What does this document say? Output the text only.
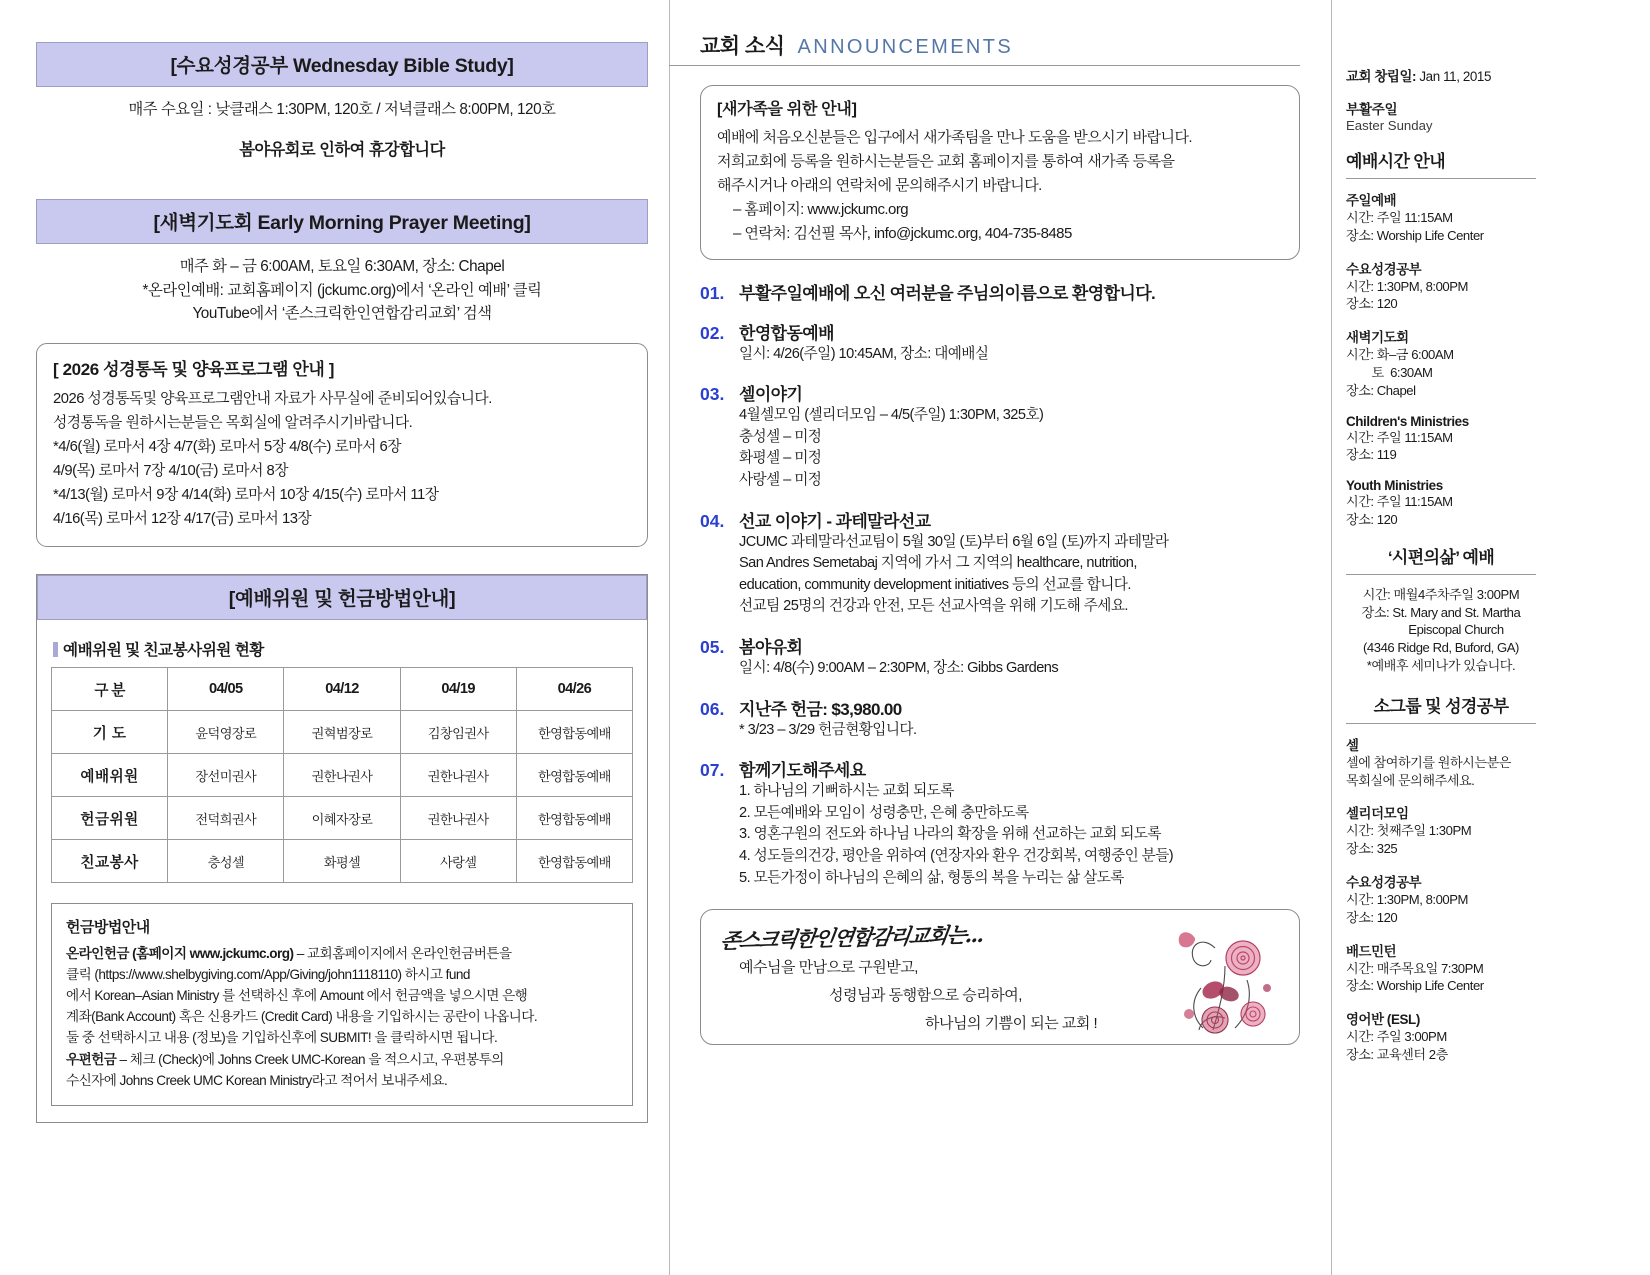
[수요성경공부 Wednesday Bible Study]
매주 수요일 : 낮클래스 1:30PM, 120호 / 저녁클래스 8:00PM, 120호
봄야유회로 인하여 휴강합니다
[새벽기도회 Early Morning Prayer Meeting]
매주 화 – 금 6:00AM, 토요일 6:30AM, 장소: Chapel
*온라인예배: 교회홈페이지 (jckumc.org)에서 ‘온라인 예배’ 클릭
YouTube에서 ‘존스크릭한인연합감리교회’ 검색
[ 2026 성경통독 및 양육프로그램 안내 ]
2026 성경통독및 양육프로그램안내 자료가 사무실에 준비되어있습니다.
성경통독을 원하시는분들은 목회실에 알려주시기바랍니다.
*4/6(월) 로마서 4장 4/7(화) 로마서 5장 4/8(수) 로마서 6장
4/9(목) 로마서 7장 4/10(금) 로마서 8장
*4/13(월) 로마서 9장 4/14(화) 로마서 10장 4/15(수) 로마서 11장
4/16(목) 로마서 12장 4/17(금) 로마서 13장
[예배위원 및 헌금방법안내]
예배위원 및 친교봉사위원 현황
구 분	04/05	04/12	04/19	04/26
기 도	윤덕영장로	권혁범장로	김창임권사	한영합동예배
예배위원	장선미권사	권한나권사	권한나권사	한영합동예배
헌금위원	전덕희권사	이혜자장로	권한나권사	한영합동예배
친교봉사	충성셀	화평셀	사랑셀	한영합동예배
헌금방법안내
온라인헌금 (홈페이지 www.jckumc.org) – 교회홈페이지에서 온라인헌금버튼을
클릭 (https://www.shelbygiving.com/App/Giving/john1118110) 하시고 fund
에서 Korean–Asian Ministry 를 선택하신 후에 Amount 에서 헌금액을 넣으시면 은행
계좌(Bank Account) 혹은 신용카드 (Credit Card) 내용을 기입하시는 공란이 나옵니다.
둘 중 선택하시고 내용 (정보)을 기입하신후에 SUBMIT! 을 클릭하시면 됩니다.
우편헌금 – 체크 (Check)에 Johns Creek UMC-Korean 을 적으시고, 우편봉투의
수신자에 Johns Creek UMC Korean Ministry라고 적어서 보내주세요.
교회 소식 ANNOUNCEMENTS
[새가족을 위한 안내]
예배에 처음오신분들은 입구에서 새가족팀을 만나 도움을 받으시기 바랍니다.
저희교회에 등록을 원하시는분들은 교회 홈페이지를 통하여 새가족 등록을
해주시거나 아래의 연락처에 문의해주시기 바랍니다.
– 홈페이지: www.jckumc.org
– 연락처: 김선필 목사, info@jckumc.org, 404-735-8485
01. 부활주일예배에 오신 여러분을 주님의이름으로 환영합니다.
02. 한영합동예배
일시: 4/26(주일) 10:45AM, 장소: 대예배실
03. 셀이야기
4월셀모임 (셀리더모임 – 4/5(주일) 1:30PM, 325호)
충성셀 – 미정
화평셀 – 미정
사랑셀 – 미정
04. 선교 이야기 - 과테말라선교
JCUMC 과테말라선교팀이 5월 30일 (토)부터 6월 6일 (토)까지 과테말라
San Andres Semetabaj 지역에 가서 그 지역의 healthcare, nutrition,
education, community development initiatives 등의 선교를 합니다.
선교팀 25명의 건강과 안전, 모든 선교사역을 위해 기도해 주세요.
05. 봄야유회
일시: 4/8(수) 9:00AM – 2:30PM, 장소: Gibbs Gardens
06. 지난주 헌금: $3,980.00
* 3/23 – 3/29 헌금현황입니다.
07. 함께기도해주세요
1. 하나님의 기뻐하시는 교회 되도록
2. 모든예배와 모임이 성령충만, 은혜 충만하도록
3. 영혼구원의 전도와 하나님 나라의 확장을 위해 선교하는 교회 되도록
4. 성도들의건강, 평안을 위하여 (연장자와 환우 건강회복, 여행중인 분들)
5. 모든가정이 하나님의 은혜의 삶, 형통의 복을 누리는 삶 살도록
존스크릭한인연합감리교회는...
예수님을 만남으로 구원받고,
성령님과 동행함으로 승리하여,
하나님의 기쁨이 되는 교회 !
교회 창립일: Jan 11, 2015
부활주일
Easter Sunday
예배시간 안내
주일예배
시간: 주일 11:15AM
장소: Worship Life Center
수요성경공부
시간: 1:30PM, 8:00PM
장소: 120
새벽기도회
시간: 화–금 6:00AM
토  6:30AM
장소: Chapel
Children's Ministries
시간: 주일 11:15AM
장소: 119
Youth Ministries
시간: 주일 11:15AM
장소: 120
‘시편의삶’ 예배
시간: 매월4주차주일 3:00PM
장소: St. Mary and St. Martha
Episcopal Church
(4346 Ridge Rd, Buford, GA)
*예배후 세미나가 있습니다.
소그룹 및 성경공부
셀
셀에 참여하기를 원하시는분은
목회실에 문의해주세요.
셀리더모임
시간: 첫째주일 1:30PM
장소: 325
수요성경공부
시간: 1:30PM, 8:00PM
장소: 120
배드민턴
시간: 매주목요일 7:30PM
장소: Worship Life Center
영어반 (ESL)
시간: 주일 3:00PM
장소: 교육센터 2층
